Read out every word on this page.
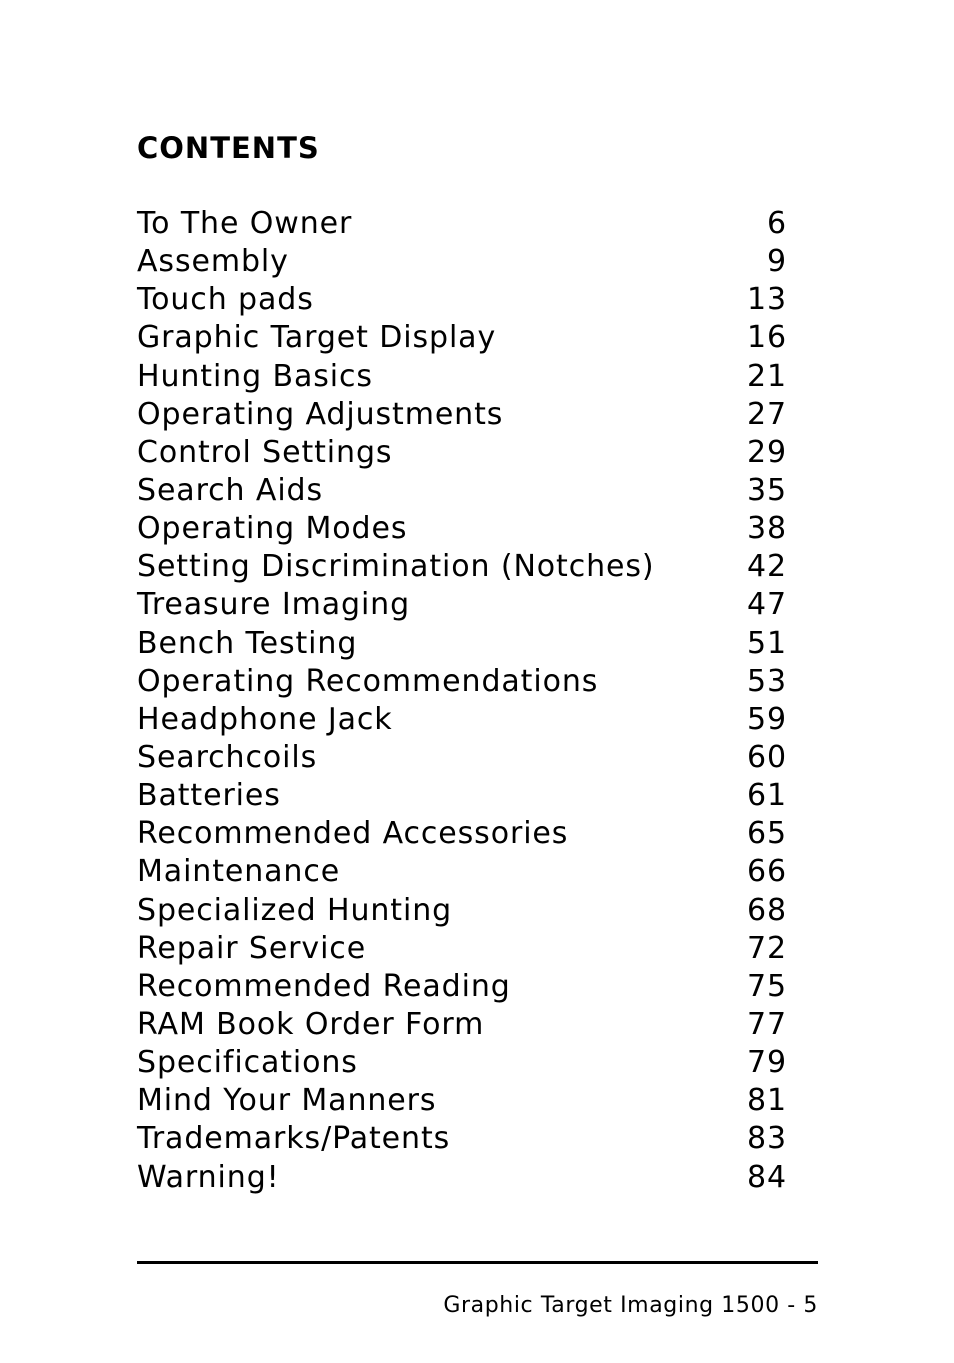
CONTENTS
To The Owner	6
Assembly	9
Touch pads	13
Graphic Target Display	16
Hunting Basics	21
Operating Adjustments	27
Control Settings	29
Search Aids	35
Operating Modes	38
Setting Discrimination (Notches)	42
Treasure Imaging	47
Bench Testing	51
Operating Recommendations	53
Headphone Jack	59
Searchcoils	60
Batteries	61
Recommended Accessories	65
Maintenance	66
Specialized Hunting	68
Repair Service	72
Recommended Reading	75
RAM Book Order Form	77
Specifications	79
Mind Your Manners	81
Trademarks/Patents	83
Warning!	84
Graphic Target Imaging 1500 - 5
